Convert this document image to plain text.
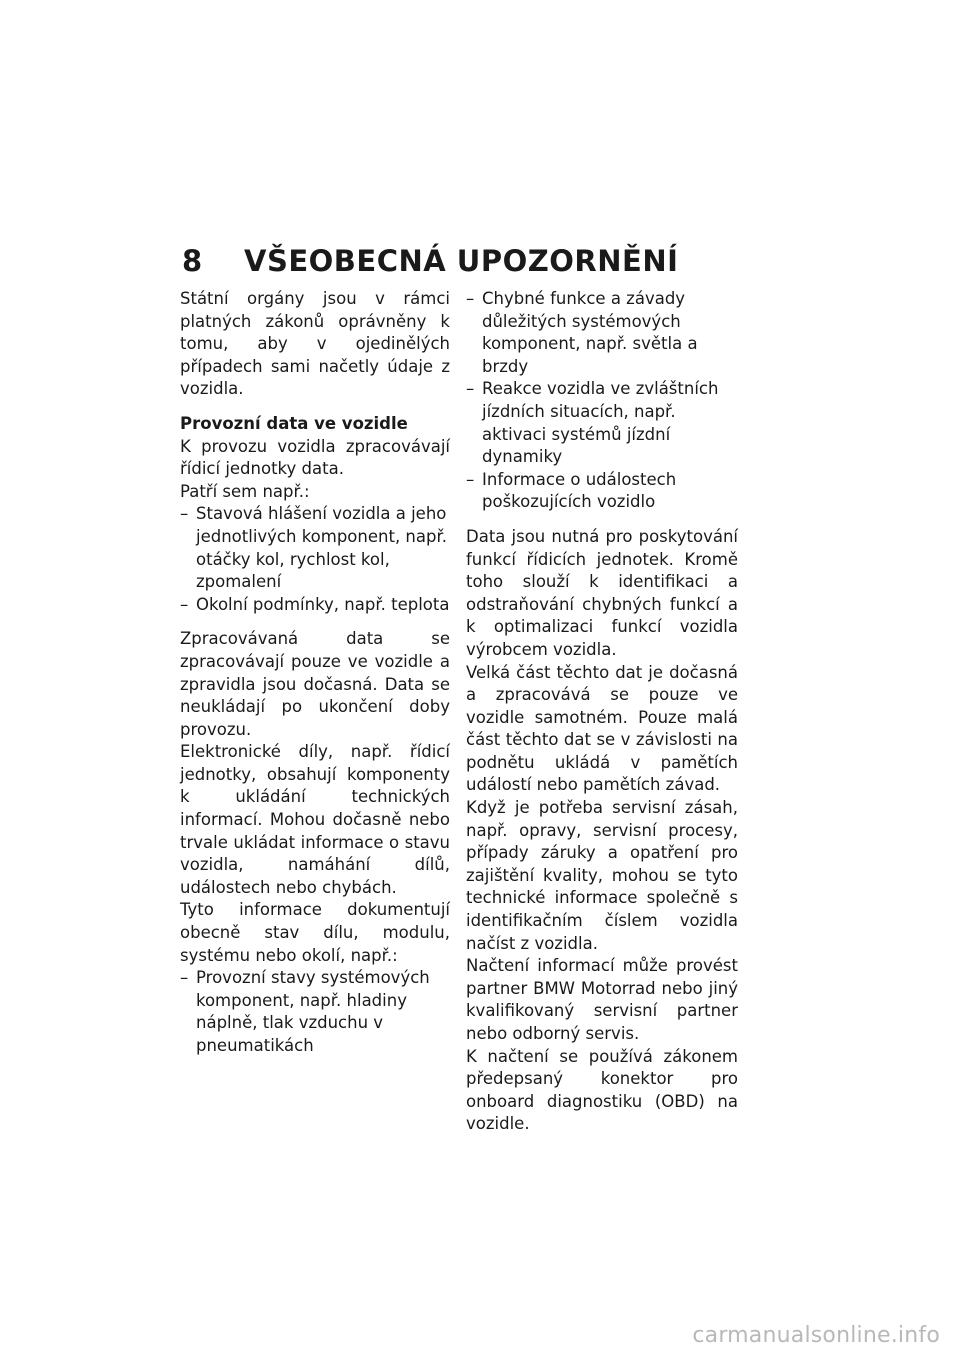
8 VŠEOBECNÁ UPOZORNĚNÍ

Státní orgány jsou v rámci platných zákonů oprávněny k tomu, aby v ojedinělých případech sami načetly údaje z vozidla.

Provozní data ve vozidle

K provozu vozidla zpracovávají řídicí jednotky data.

Patří sem např.:

– Stavová hlášení vozidla a jeho jednotlivých komponent, např. otáčky kol, rychlost kol, zpomalení
– Okolní podmínky, např. teplota

Zpracovávaná data se zpracovávají pouze ve vozidle a zpravidla jsou dočasná. Data se neukládají po ukončení doby provozu.

Elektronické díly, např. řídicí jednotky, obsahují komponenty k ukládání technických informací. Mohou dočasně nebo trvale ukládat informace o stavu vozidla, namáhání dílů, událostech nebo chybách.

Tyto informace dokumentují obecně stav dílu, modulu, systému nebo okolí, např.:

– Provozní stavy systémových komponent, např. hladiny náplně, tlak vzduchu v pneumatikách
– Chybné funkce a závady důležitých systémových komponent, např. světla a brzdy
– Reakce vozidla ve zvláštních jízdních situacích, např. aktivaci systémů jízdní dynamiky
– Informace o událostech poškozujících vozidlo

Data jsou nutná pro poskytování funkcí řídicích jednotek. Kromě toho slouží k identifikaci a odstraňování chybných funkcí a k optimalizaci funkcí vozidla výrobcem vozidla.

Velká část těchto dat je dočasná a zpracovává se pouze ve vozidle samotném. Pouze malá část těchto dat se v závislosti na podnětu ukládá v pamětích událostí nebo pamětích závad.

Když je potřeba servisní zásah, např. opravy, servisní procesy, případy záruky a opatření pro zajištění kvality, mohou se tyto technické informace společně s identifikačním číslem vozidla načíst z vozidla.

Načtení informací může provést partner BMW Motorrad nebo jiný kvalifikovaný servisní partner nebo odborný servis.

K načtení se používá zákonem předepsaný konektor pro onboard diagnostiku (OBD) na vozidle.

carmanualsonline.info
